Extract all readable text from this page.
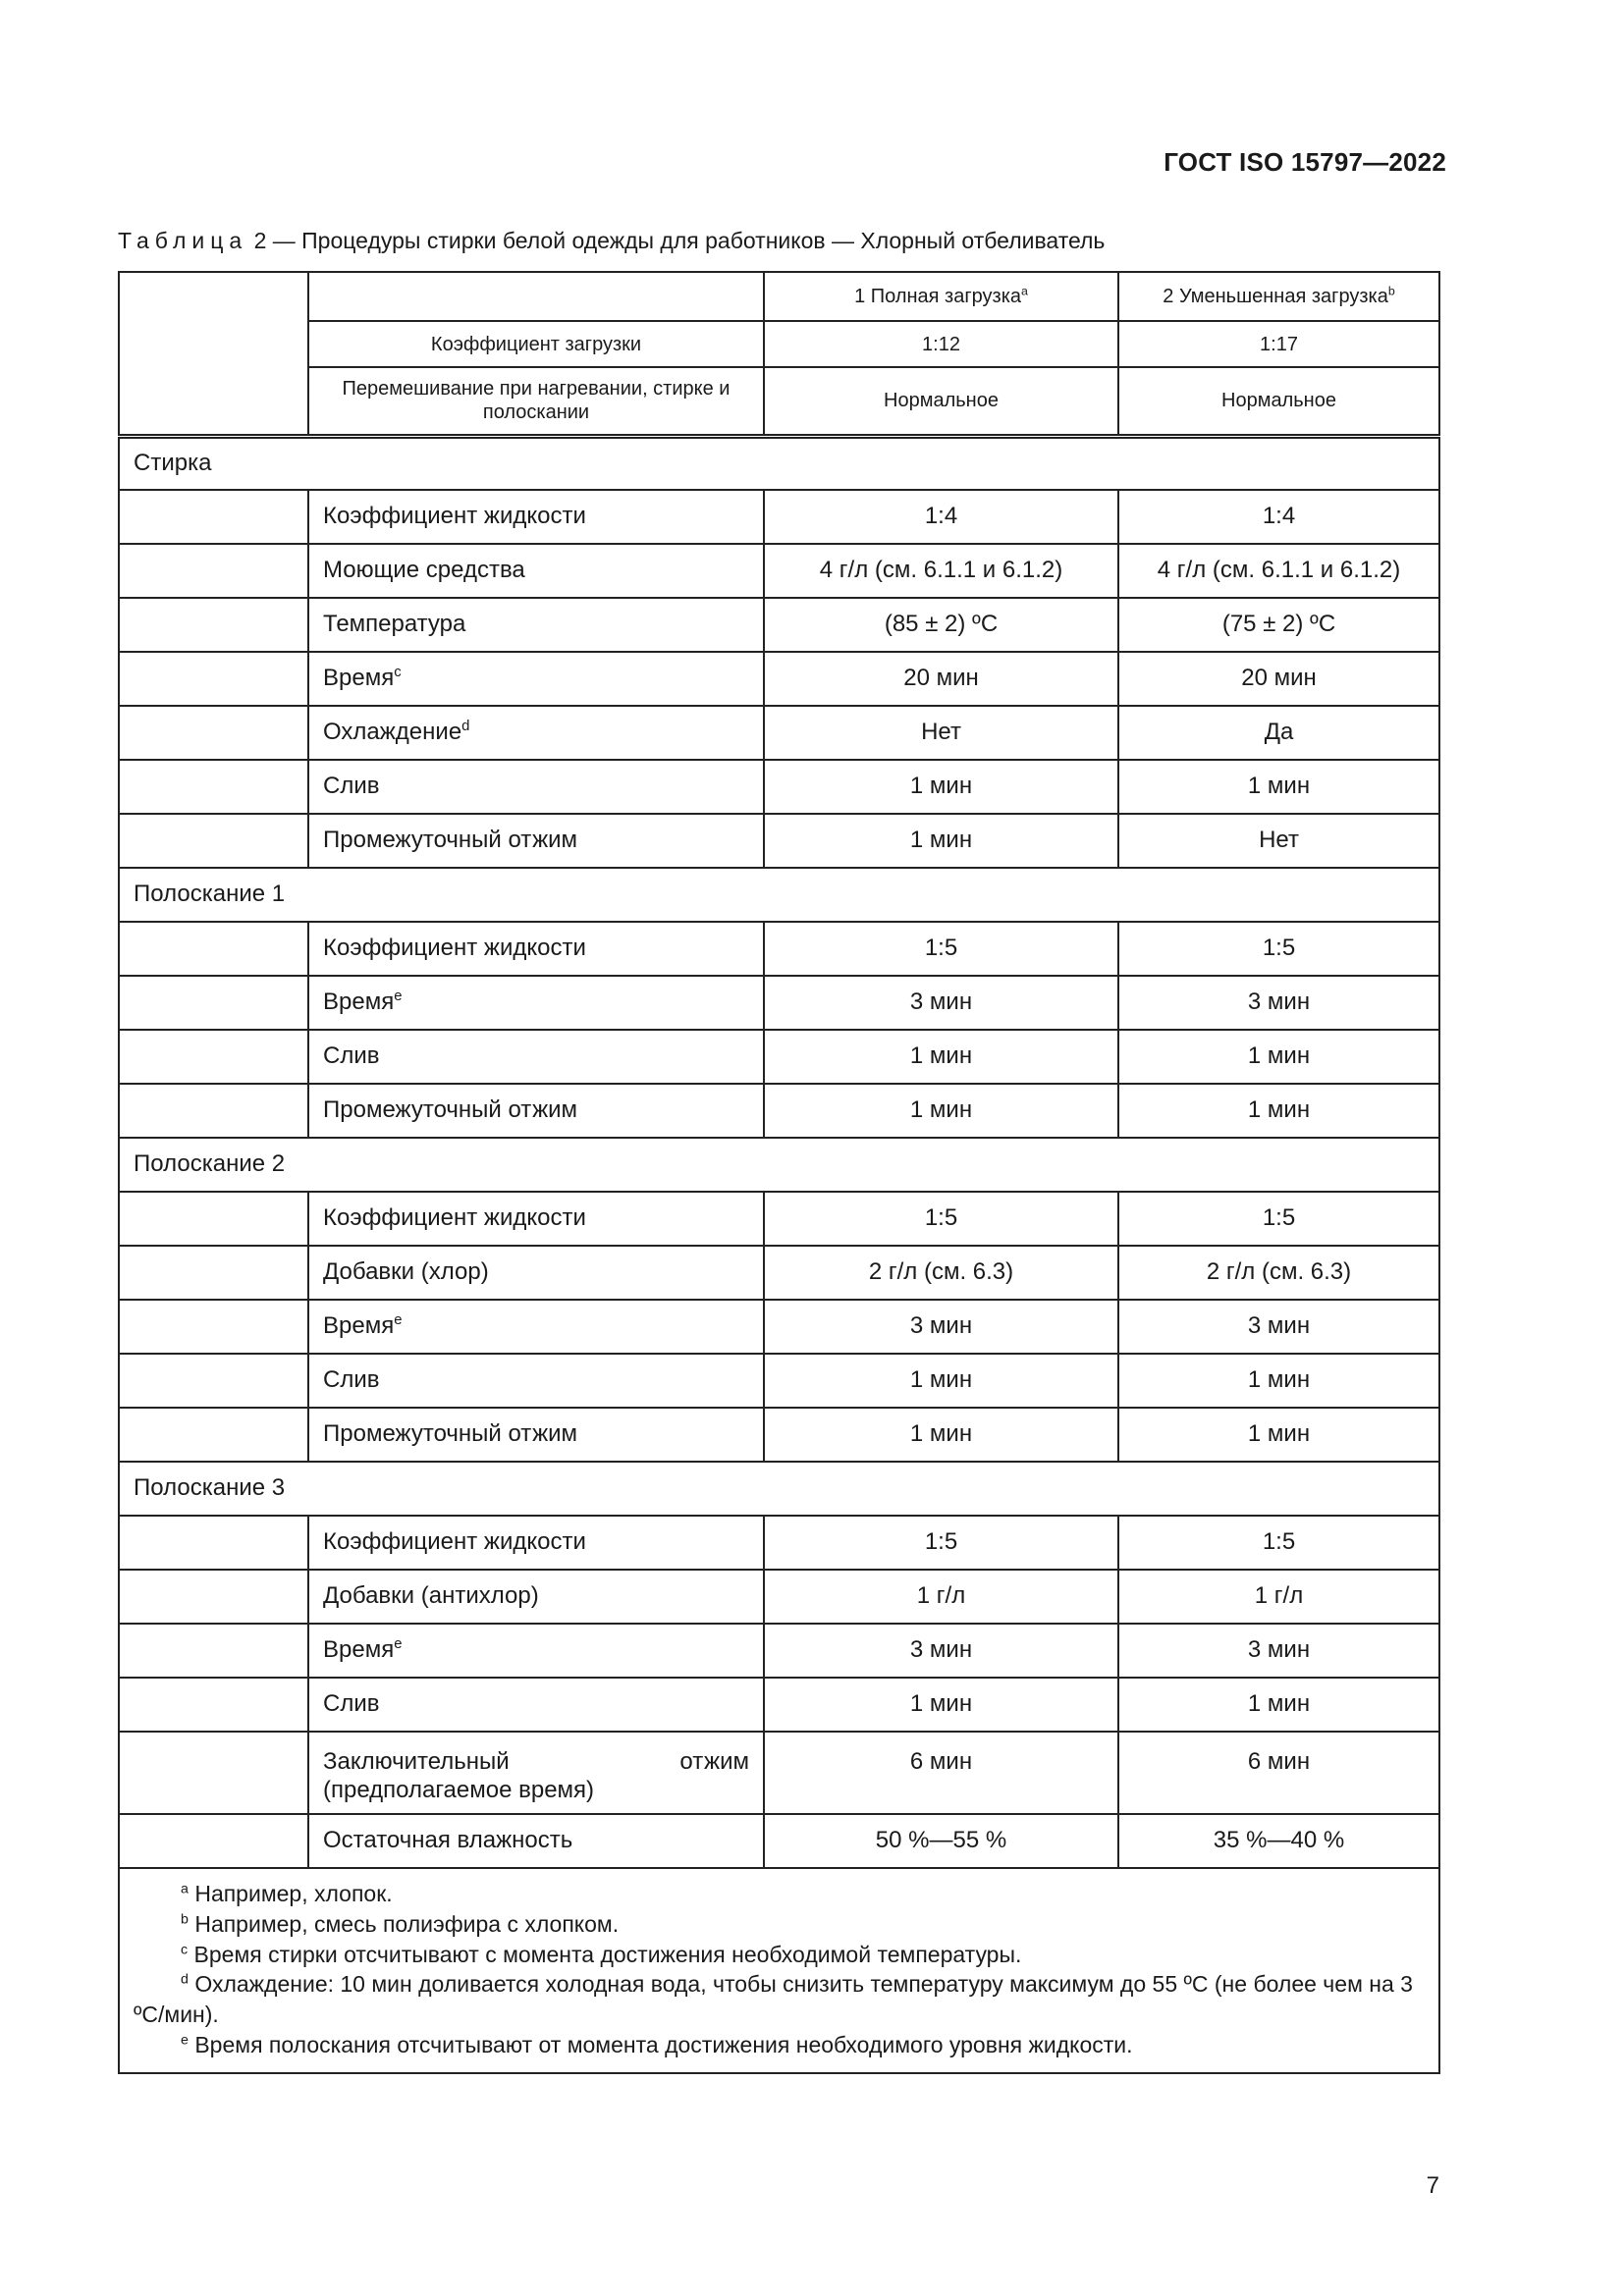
ГОСТ ISO 15797—2022
Таблица 2 — Процедуры стирки белой одежды для работников — Хлорный отбеливатель
		1 Полная загрузка$^a$	2 Уменьшенная загрузка$^b$
	Коэффициент загрузки	1:12	1:17
	Перемешивание при нагревании, стирке и полоскании	Нормальное	Нормальное
Стирка			
	Коэффициент жидкости	1:4	1:4
	Моющие средства	4 г/л (см. 6.1.1 и 6.1.2)	4 г/л (см. 6.1.1 и 6.1.2)
	Температура	(85 ± 2) ºC	(75 ± 2) ºC
	Время$^c$	20 мин	20 мин
	Охлаждение$^d$	Нет	Да
	Слив	1 мин	1 мин
	Промежуточный отжим	1 мин	Нет
Полоскание 1			
	Коэффициент жидкости	1:5	1:5
	Время$^e$	3 мин	3 мин
	Слив	1 мин	1 мин
	Промежуточный отжим	1 мин	1 мин
Полоскание 2			
	Коэффициент жидкости	1:5	1:5
	Добавки (хлор)	2 г/л (см. 6.3)	2 г/л (см. 6.3)
	Время$^e$	3 мин	3 мин
	Слив	1 мин	1 мин
	Промежуточный отжим	1 мин	1 мин
Полоскание 3			
	Коэффициент жидкости	1:5	1:5
	Добавки (антихлор)	1 г/л	1 г/л
	Время$^e$	3 мин	3 мин
	Слив	1 мин	1 мин
	Заключительный отжим (предполагаемое время)	6 мин	6 мин
	Остаточная влажность	50 %—55 %	35 %—40 %

$^a$ Например, хлопок.
$^b$ Например, смесь полиэфира с хлопком.
$^c$ Время стирки отсчитывают с момента достижения необходимой температуры.
$^d$ Охлаждение: 10 мин доливается холодная вода, чтобы снизить температуру максимум до 55 ºC (не более чем на 3 ºC/мин).
$^e$ Время полоскания отсчитывают от момента достижения необходимого уровня жидкости.			
7
